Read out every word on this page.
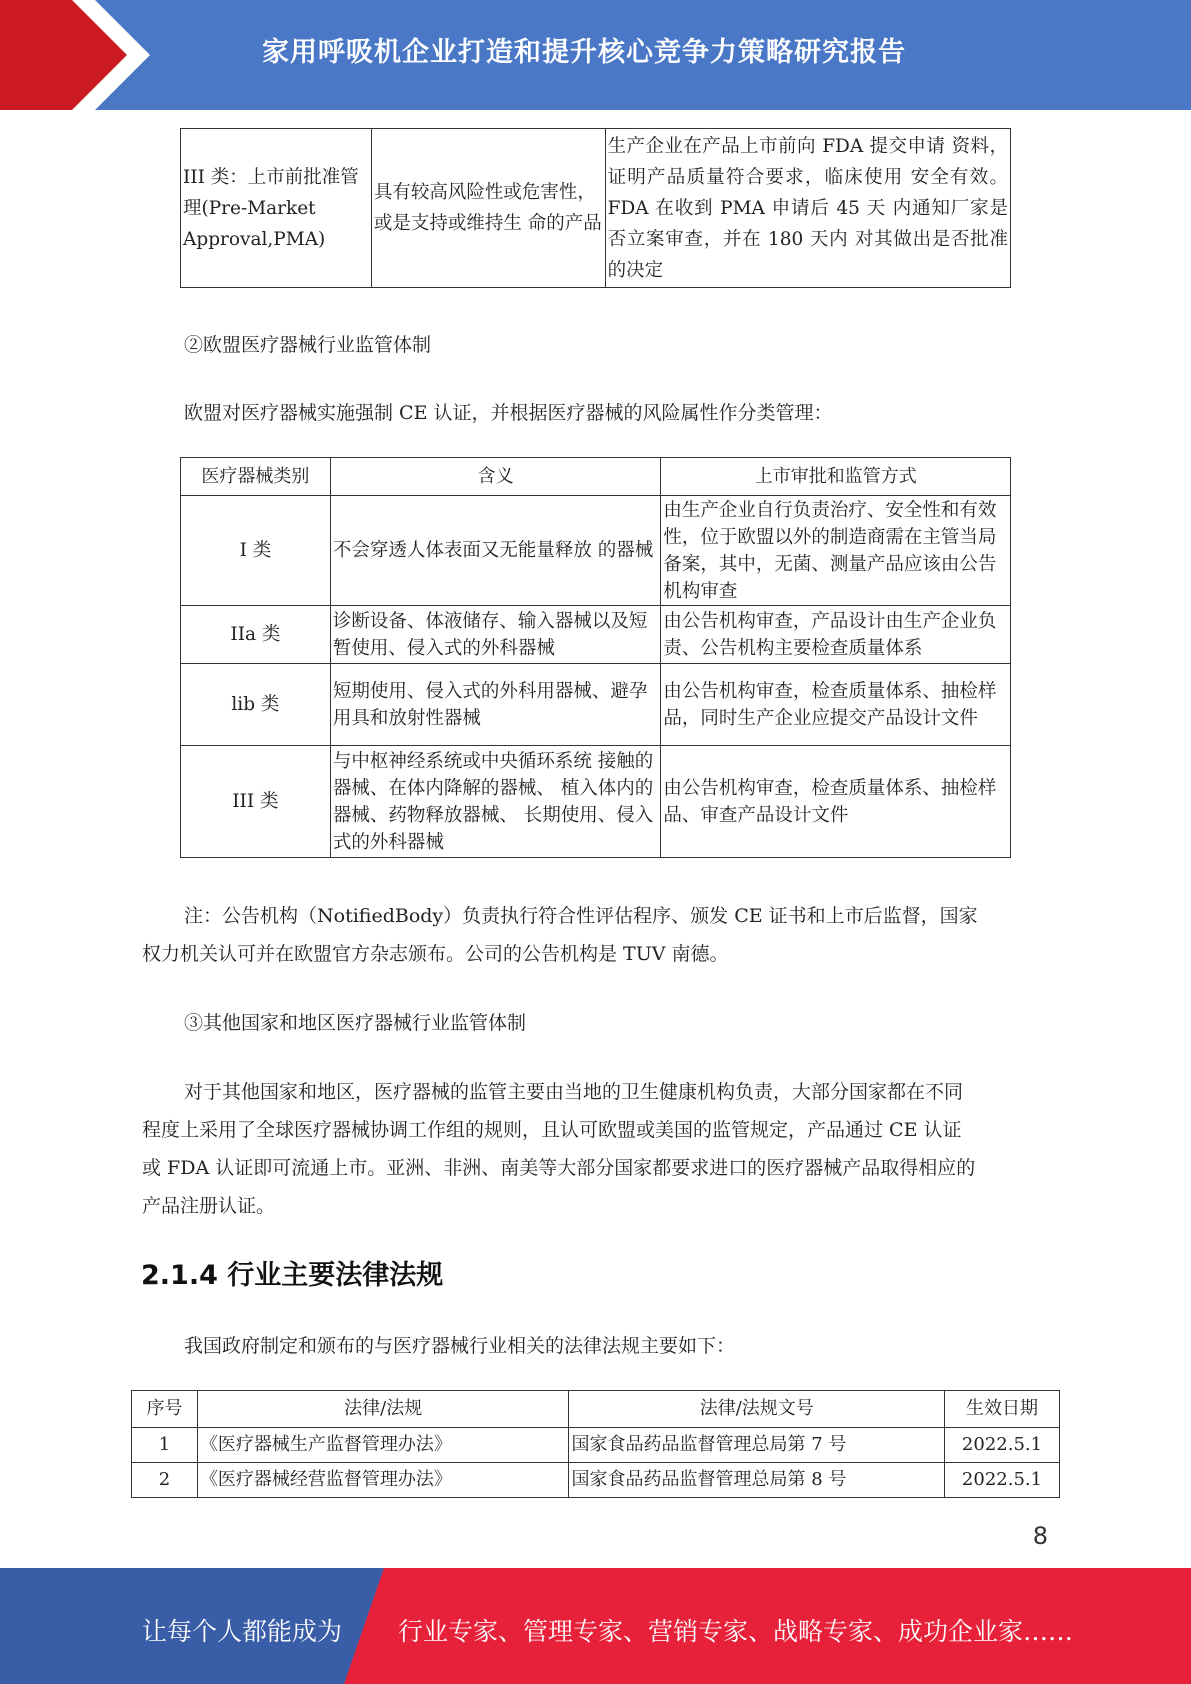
家用呼吸机企业打造和提升核心竞争力策略研究报告
III 类：上市前批准管理(Pre-Market Approval,PMA)	具有较高风险性或危害性，或是支持或维持生 命的产品	生产企业在产品上市前向 FDA 提交申请 资料，证明产品质量符合要求，临床使用 安全有效。FDA 在收到 PMA 申请后 45 天 内通知厂家是否立案审查，并在 180 天内 对其做出是否批准的决定
②欧盟医疗器械行业监管体制
欧盟对医疗器械实施强制 CE 认证，并根据医疗器械的风险属性作分类管理：
医疗器械类别	含义	上市审批和监管方式
I 类	不会穿透人体表面又无能量释放 的器械	由生产企业自行负责治疗、安全性和有效性，位于欧盟以外的制造商需在主管当局备案，其中，无菌、测量产品应该由公告机构审查
IIa 类	诊断设备、体液储存、输入器械以及短暂使用、侵入式的外科器械	由公告机构审查，产品设计由生产企业负责、公告机构主要检查质量体系
lib 类	短期使用、侵入式的外科用器械、避孕用具和放射性器械	由公告机构审查，检查质量体系、抽检样品，同时生产企业应提交产品设计文件
III 类	与中枢神经系统或中央循环系统 接触的器械、在体内降解的器械、 植入体内的器械、药物释放器械、 长期使用、侵入式的外科器械	由公告机构审查，检查质量体系、抽检样品、审查产品设计文件
注：公告机构（NotifiedBody）负责执行符合性评估程序、颁发 CE 证书和上市后监督，国家
权力机关认可并在欧盟官方杂志颁布。公司的公告机构是 TUV 南德。
③其他国家和地区医疗器械行业监管体制
对于其他国家和地区，医疗器械的监管主要由当地的卫生健康机构负责，大部分国家都在不同
程度上采用了全球医疗器械协调工作组的规则，且认可欧盟或美国的监管规定，产品通过 CE 认证
或 FDA 认证即可流通上市。亚洲、非洲、南美等大部分国家都要求进口的医疗器械产品取得相应的
产品注册认证。
2.1.4 行业主要法律法规
我国政府制定和颁布的与医疗器械行业相关的法律法规主要如下：
序号	法律/法规	法律/法规文号	生效日期
1	《医疗器械生产监督管理办法》	国家食品药品监督管理总局第 7 号	2022.5.1
2	《医疗器械经营监督管理办法》	国家食品药品监督管理总局第 8 号	2022.5.1
8
让每个人都能成为 行业专家、管理专家、营销专家、战略专家、成功企业家……
